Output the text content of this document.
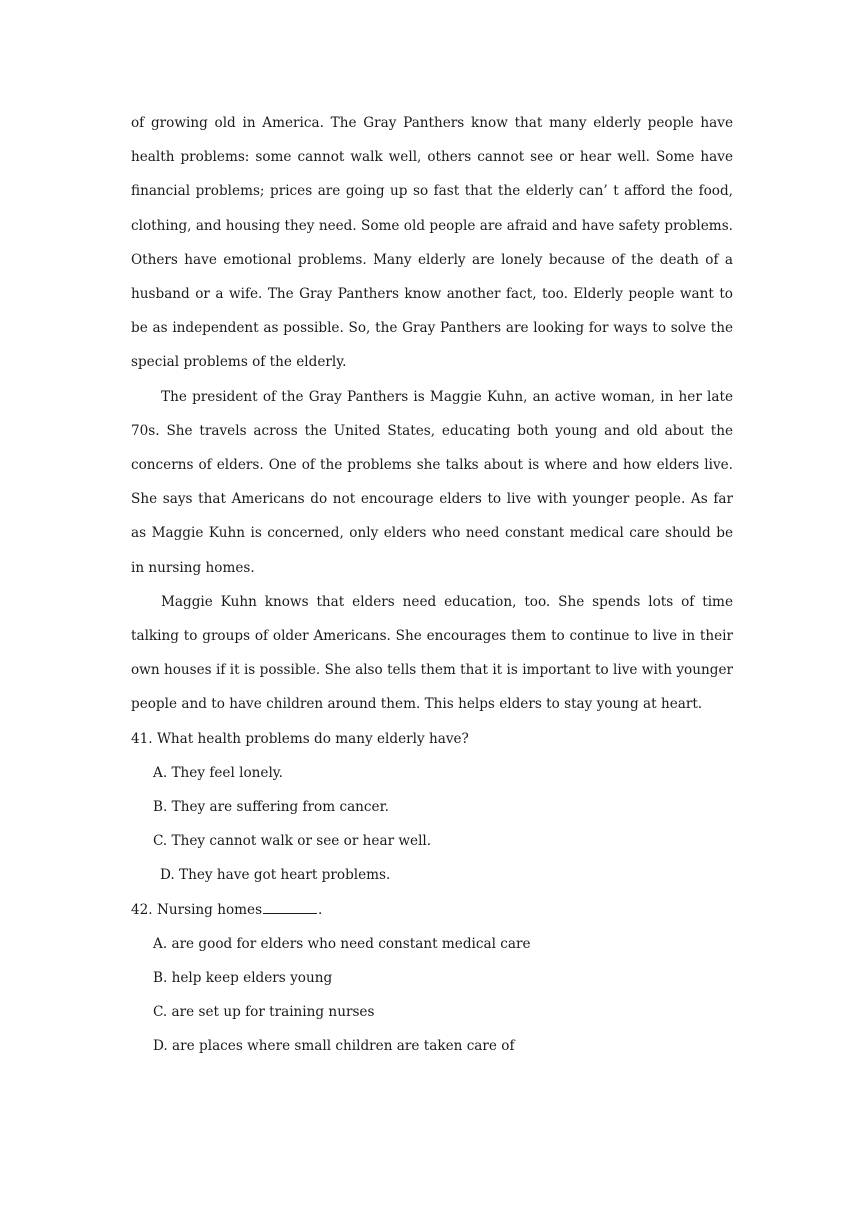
of growing old in America. The Gray Panthers know that many elderly people have health problems: some cannot walk well, others cannot see or hear well. Some have financial problems; prices are going up so fast that the elderly can’ t afford the food, clothing, and housing they need. Some old people are afraid and have safety problems. Others have emotional problems. Many elderly are lonely because of the death of a husband or a wife. The Gray Panthers know another fact, too. Elderly people want to be as independent as possible. So, the Gray Panthers are looking for ways to solve the special problems of the elderly.

The president of the Gray Panthers is Maggie Kuhn, an active woman, in her late 70s. She travels across the United States, educating both young and old about the concerns of elders. One of the problems she talks about is where and how elders live. She says that Americans do not encourage elders to live with younger people. As far as Maggie Kuhn is concerned, only elders who need constant medical care should be in nursing homes.

Maggie Kuhn knows that elders need education, too. She spends lots of time talking to groups of older Americans. She encourages them to continue to live in their own houses if it is possible. She also tells them that it is important to live with younger people and to have children around them. This helps elders to stay young at heart.

41. What health problems do many elderly have?

A. They feel lonely.

B. They are suffering from cancer.

C. They cannot walk or see or hear well.

D. They have got heart problems.

42. Nursing homes	.

A. are good for elders who need constant medical care

B. help keep elders young

C. are set up for training nurses

D. are places where small children are taken care of
